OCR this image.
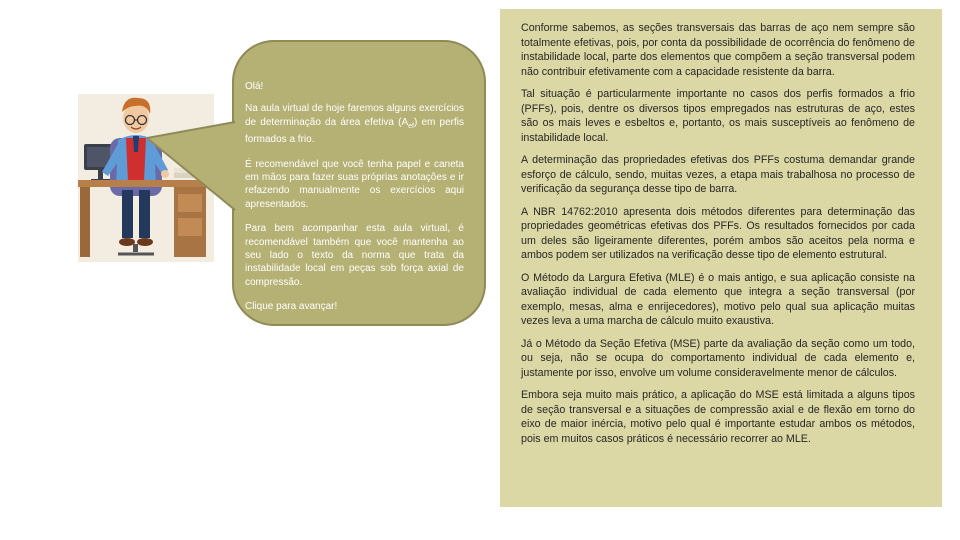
Olá!

Na aula virtual de hoje faremos alguns exercícios de determinação da área efetiva $(A_{ef})$ em perfis formados a frio.

É recomendável que você tenha papel e caneta em mãos para fazer suas próprias anotações e ir refazendo manualmente os exercícios aqui apresentados.

Para bem acompanhar esta aula virtual, é recomendável também que você mantenha ao seu lado o texto da norma que trata da instabilidade local em peças sob força axial de compressão.

Clique para avançar!

Conforme sabemos, as seções transversais das barras de aço nem sempre são totalmente efetivas, pois, por conta da possibilidade de ocorrência do fenômeno de instabilidade local, parte dos elementos que compõem a seção transversal podem não contribuir efetivamente com a capacidade resistente da barra.

Tal situação é particularmente importante no casos dos perfis formados a frio (PFFs), pois, dentre os diversos tipos empregados nas estruturas de aço, estes são os mais leves e esbeltos e, portanto, os mais susceptíveis ao fenômeno de instabilidade local.

A determinação das propriedades efetivas dos PFFs costuma demandar grande esforço de cálculo, sendo, muitas vezes, a etapa mais trabalhosa no processo de verificação da segurança desse tipo de barra.

A NBR 14762:2010 apresenta dois métodos diferentes para determinação das propriedades geométricas efetivas dos PFFs. Os resultados fornecidos por cada um deles são ligeiramente diferentes, porém ambos são aceitos pela norma e ambos podem ser utilizados na verificação desse tipo de elemento estrutural.

O Método da Largura Efetiva (MLE) é o mais antigo, e sua aplicação consiste na avaliação individual de cada elemento que integra a seção transversal (por exemplo, mesas, alma e enrijecedores), motivo pelo qual sua aplicação muitas vezes leva a uma marcha de cálculo muito exaustiva.

Já o Método da Seção Efetiva (MSE) parte da avaliação da seção como um todo, ou seja, não se ocupa do comportamento individual de cada elemento e, justamente por isso, envolve um volume consideravelmente menor de cálculos.

Embora seja muito mais prático, a aplicação do MSE está limitada a alguns tipos de seção transversal e a situações de compressão axial e de flexão em torno do eixo de maior inércia, motivo pelo qual é importante estudar ambos os métodos, pois em muitos casos práticos é necessário recorrer ao MLE.
